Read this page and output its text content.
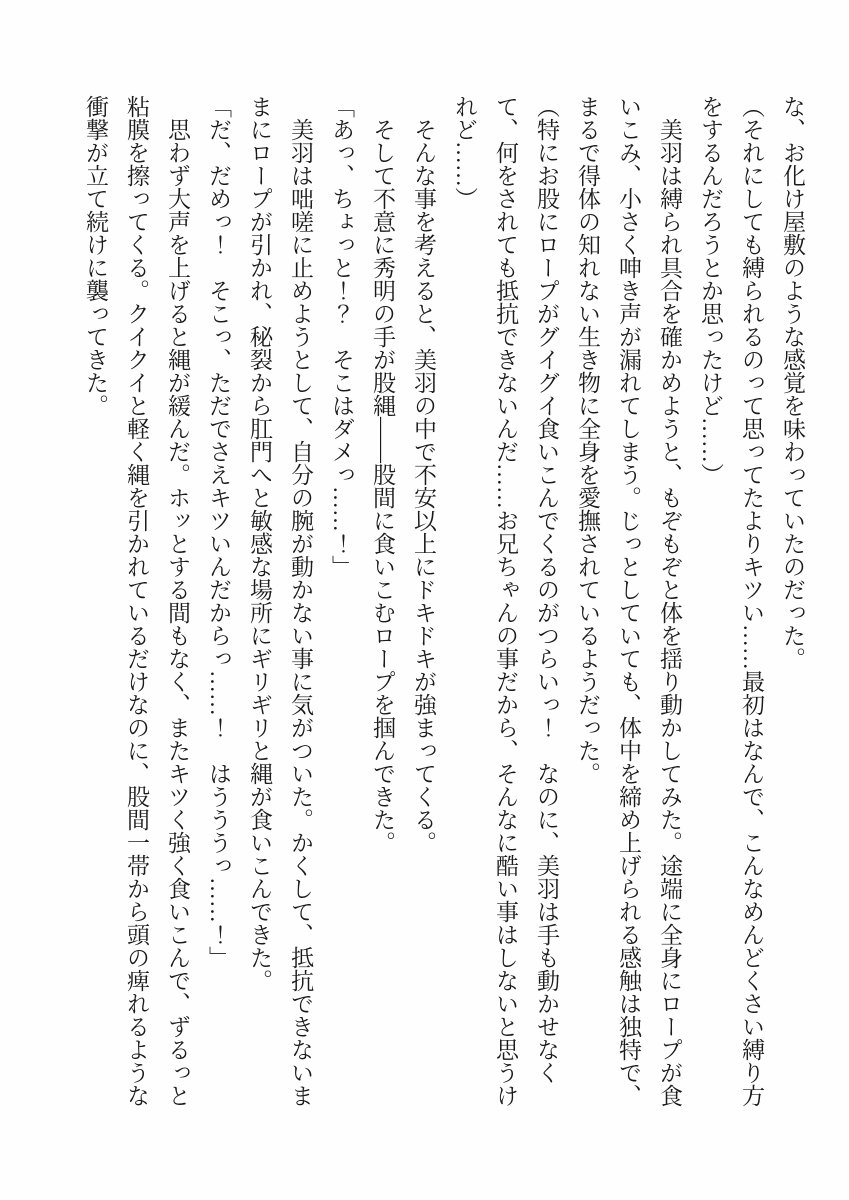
な、お化け屋敷のような感覚を味わっていたのだった。

（それにしても縛られるのって思ってたよりキツい……最初はなんで、こんなめんどくさい縛り方をするんだろうとか思ったけど……）

美羽は縛られ具合を確かめようと、もぞもぞと体を揺り動かしてみた。途端に全身にロープが食いこみ、小さく呻き声が漏れてしまう。じっとしていても、体中を締め上げられる感触は独特で、まるで得体の知れない生き物に全身を愛撫されているようだった。

（特にお股にロープがグイグイ食いこんでくるのがつらいっ！　なのに、美羽は手も動かせなくて、何をされても抵抗できないんだ……お兄ちゃんの事だから、そんなに酷い事はしないと思うけれど……）

そんな事を考えると、美羽の中で不安以上にドキドキが強まってくる。

そして不意に秀明の手が股縄――股間に食いこむロープを掴んできた。

「あっ、ちょっと！？　そこはダメっ……！」

美羽は咄嗟に止めようとして、自分の腕が動かない事に気がついた。かくして、抵抗できないままにロープが引かれ、秘裂から肛門へと敏感な場所にギリギリと縄が食いこんできた。

「だ、だめっ！　そこっ、ただでさえキツいんだからっ……！　はうううっ……！」

思わず大声を上げると縄が緩んだ。ホッとする間もなく、またキツく強く食いこんで、ずるっと粘膜を擦ってくる。クイクイと軽く縄を引かれているだけなのに、股間一帯から頭の痺れるような衝撃が立て続けに襲ってきた。
